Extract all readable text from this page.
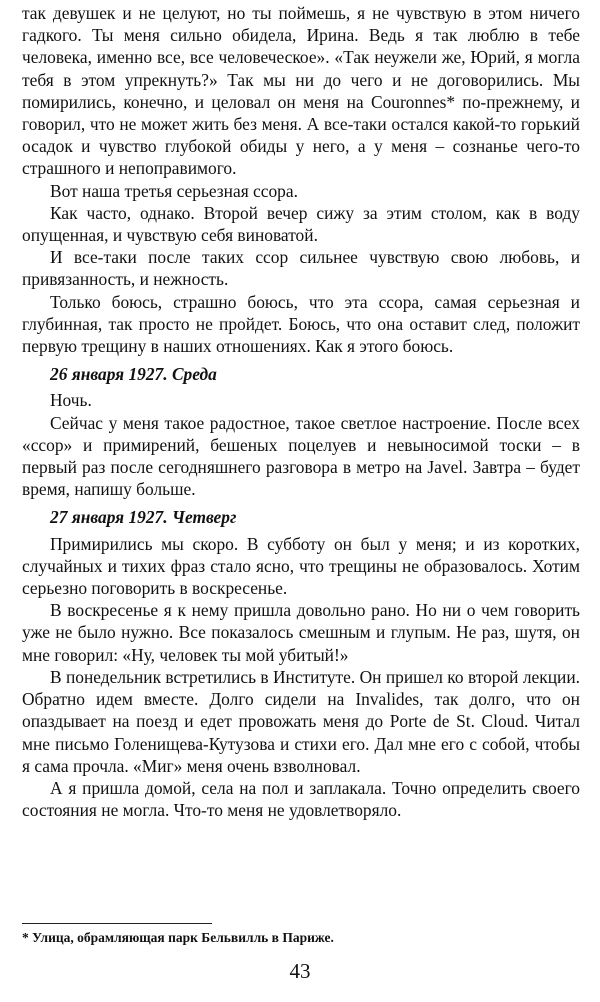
так девушек и не целуют, но ты поймешь, я не чувствую в этом ничего гадкого. Ты меня сильно обидела, Ирина. Ведь я так люблю в тебе человека, именно все, все человеческое». «Так неужели же, Юрий, я могла тебя в этом упрекнуть?» Так мы ни до чего и не договорились. Мы помирились, конечно, и целовал он меня на Couronnes* по-прежнему, и говорил, что не может жить без меня. А все-таки остался какой-то горький осадок и чувство глубокой обиды у него, а у меня – сознанье чего-то страшного и непоправимого.

Вот наша третья серьезная ссора.

Как часто, однако. Второй вечер сижу за этим столом, как в воду опущенная, и чувствую себя виноватой.

И все-таки после таких ссор сильнее чувствую свою любовь, и привязанность, и нежность.

Только боюсь, страшно боюсь, что эта ссора, самая серьезная и глубинная, так просто не пройдет. Боюсь, что она оставит след, положит первую трещину в наших отношениях. Как я этого боюсь.

26 января 1927. Среда

Ночь.

Сейчас у меня такое радостное, такое светлое настроение. После всех «ссор» и примирений, бешеных поцелуев и невыносимой тоски – в первый раз после сегодняшнего разговора в метро на Javel. Завтра – будет время, напишу больше.

27 января 1927. Четверг

Примирились мы скоро. В субботу он был у меня; и из коротких, случайных и тихих фраз стало ясно, что трещины не образовалось. Хотим серьезно поговорить в воскресенье.

В воскресенье я к нему пришла довольно рано. Но ни о чем говорить уже не было нужно. Все показалось смешным и глупым. Не раз, шутя, он мне говорил: «Ну, человек ты мой убитый!»

В понедельник встретились в Институте. Он пришел ко второй лекции. Обратно идем вместе. Долго сидели на Invalides, так долго, что он опаздывает на поезд и едет провожать меня до Porte de St. Cloud. Читал мне письмо Голенищева-Кутузова и стихи его. Дал мне его с собой, чтобы я сама прочла. «Миг» меня очень взволновал.

А я пришла домой, села на пол и заплакала. Точно определить своего состояния не могла. Что-то меня не удовлетворяло.

* Улица, обрамляющая парк Бельвилль в Париже.
43
